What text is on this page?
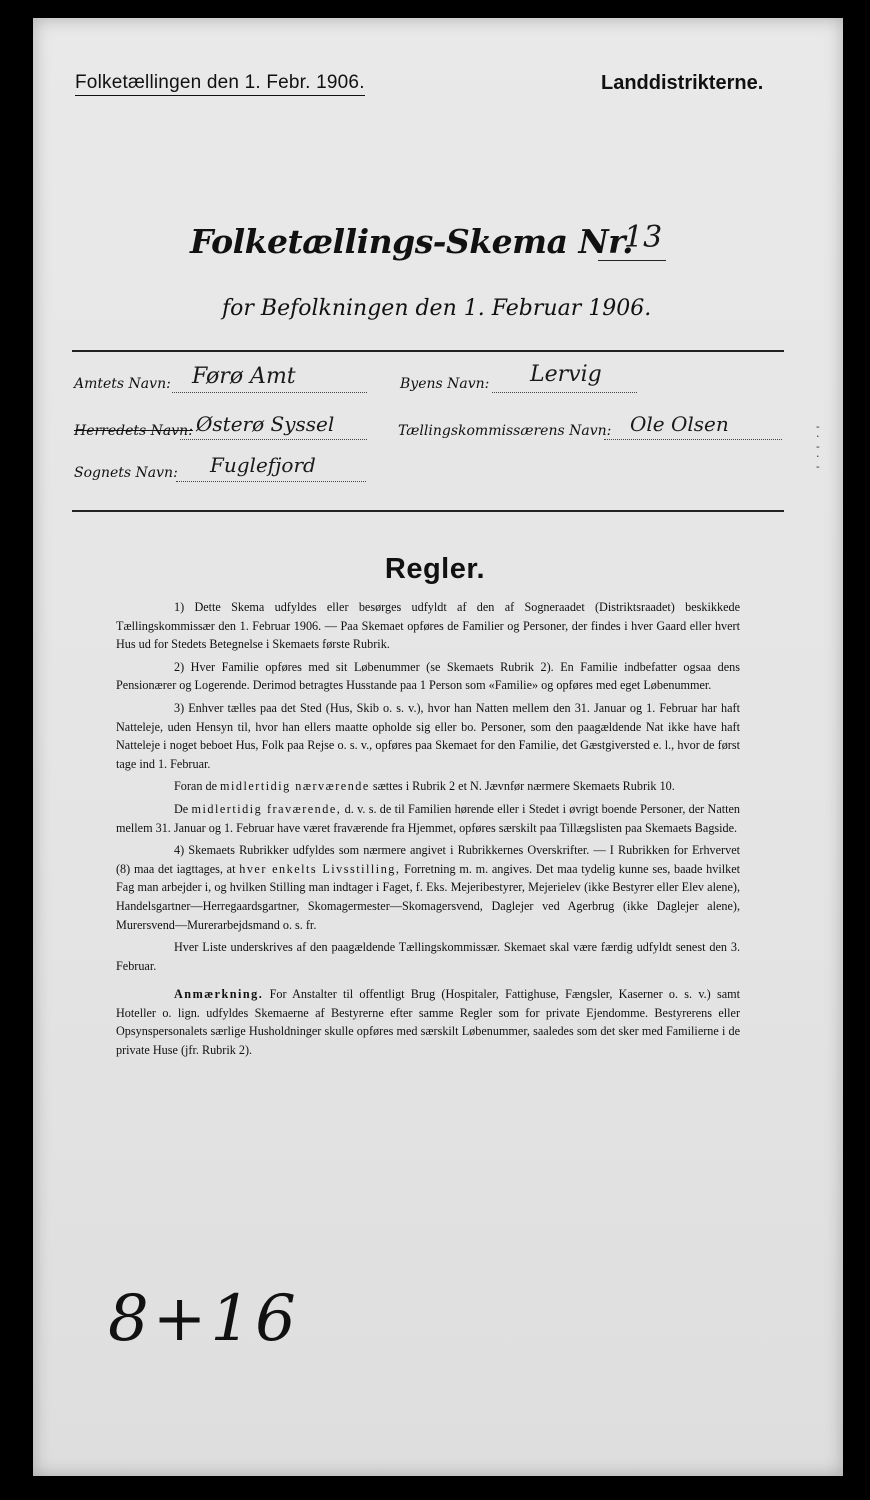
Folketællingen den 1. Febr. 1906.	Landdistrikterne.
Folketællings-Skema Nr.
13
for Befolkningen den 1. Februar 1906.
Amtets Navn: Førø Amt	Byens Navn: Lervig
Herredets Navn: Østerø Syssel	Tællingskommissærens Navn: Ole Olsen
Sognets Navn: Fuglefjord
-
·
-
·
-
Regler.

1) Dette Skema udfyldes eller besørges udfyldt af den af Sogneraadet (Distriktsraadet) beskikkede Tællingskommissær den 1. Februar 1906. — Paa Skemaet opføres de Familier og Personer, der findes i hver Gaard eller hvert Hus ud for Stedets Betegnelse i Skemaets første Rubrik.

2) Hver Familie opføres med sit Løbenummer (se Skemaets Rubrik 2). En Familie indbefatter ogsaa dens Pensionærer og Logerende. Derimod betragtes Husstande paa 1 Person som «Familie» og opføres med eget Løbenummer.

3) Enhver tælles paa det Sted (Hus, Skib o. s. v.), hvor han Natten mellem den 31. Januar og 1. Februar har haft Natteleje, uden Hensyn til, hvor han ellers maatte opholde sig eller bo. Personer, som den paagældende Nat ikke have haft Natteleje i noget beboet Hus, Folk paa Rejse o. s. v., opføres paa Skemaet for den Familie, det Gæstgiversted e. l., hvor de først tage ind 1. Februar.

Foran de midlertidig nærværende sættes i Rubrik 2 et N. Jævnfør nærmere Skemaets Rubrik 10.

De midlertidig fraværende, d. v. s. de til Familien hørende eller i Stedet i øvrigt boende Personer, der Natten mellem 31. Januar og 1. Februar have været fraværende fra Hjemmet, opføres særskilt paa Tillægslisten paa Skemaets Bagside.

4) Skemaets Rubrikker udfyldes som nærmere angivet i Rubrikkernes Overskrifter. — I Rubrikken for Erhvervet (8) maa det iagttages, at hver enkelts Livsstilling, Forretning m. m. angives. Det maa tydelig kunne ses, baade hvilket Fag man arbejder i, og hvilken Stilling man indtager i Faget, f. Eks. Mejeribestyrer, Mejerielev (ikke Bestyrer eller Elev alene), Handelsgartner—Herregaardsgartner, Skomagermester—Skomagersvend, Daglejer ved Agerbrug (ikke Daglejer alene), Murersvend—Murerarbejdsmand o. s. fr.

Hver Liste underskrives af den paagældende Tællingskommissær. Skemaet skal være færdig udfyldt senest den 3. Februar.

Anmærkning. For Anstalter til offentligt Brug (Hospitaler, Fattighuse, Fængsler, Kaserner o. s. v.) samt Hoteller o. lign. udfyldes Skemaerne af Bestyrerne efter samme Regler som for private Ejendomme. Bestyrerens eller Opsynspersonalets særlige Husholdninger skulle opføres med særskilt Løbenummer, saaledes som det sker med Familierne i de private Huse (jfr. Rubrik 2).

8+16
